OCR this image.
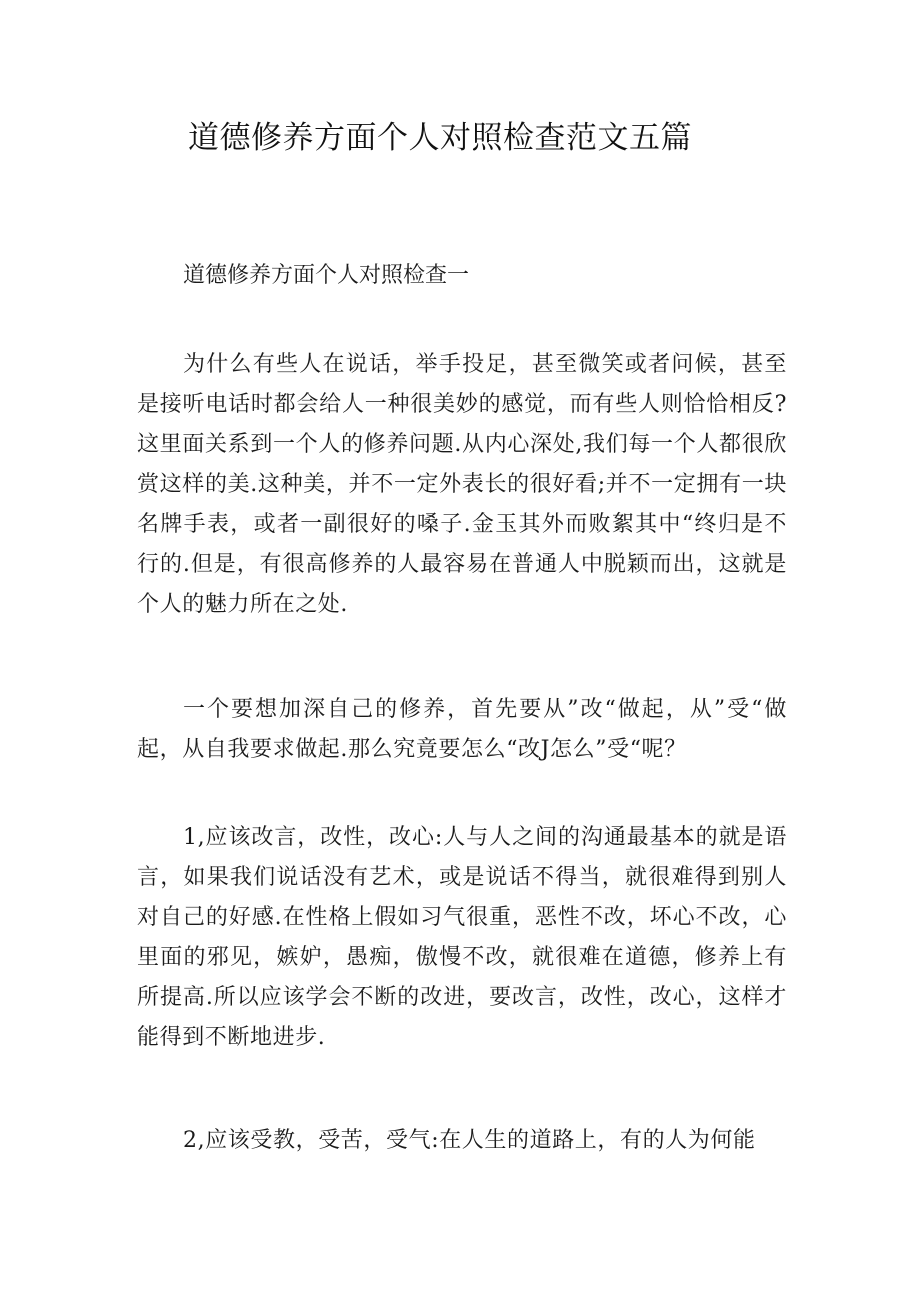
道德修养方面个人对照检查范文五篇

道德修养方面个人对照检查一

为什么有些人在说话，举手投足，甚至微笑或者问候，甚至是接听电话时都会给人一种很美妙的感觉，而有些人则恰恰相反?这里面关系到一个人的修养问题.从内心深处,我们每一个人都很欣赏这样的美.这种美，并不一定外表长的很好看;并不一定拥有一块名牌手表，或者一副很好的嗓子.金玉其外而败絮其中“终归是不行的.但是，有很高修养的人最容易在普通人中脱颖而出，这就是个人的魅力所在之处.

一个要想加深自己的修养，首先要从”改“做起，从”受“做起，从自我要求做起.那么究竟要怎么“改J怎么”受“呢？

1,应该改言，改性，改心:人与人之间的沟通最基本的就是语言，如果我们说话没有艺术，或是说话不得当，就很难得到别人对自己的好感.在性格上假如习气很重，恶性不改，坏心不改，心里面的邪见，嫉妒，愚痴，傲慢不改，就很难在道德，修养上有所提高.所以应该学会不断的改进，要改言，改性，改心，这样才能得到不断地进步.

2,应该受教，受苦，受气:在人生的道路上，有的人为何能
